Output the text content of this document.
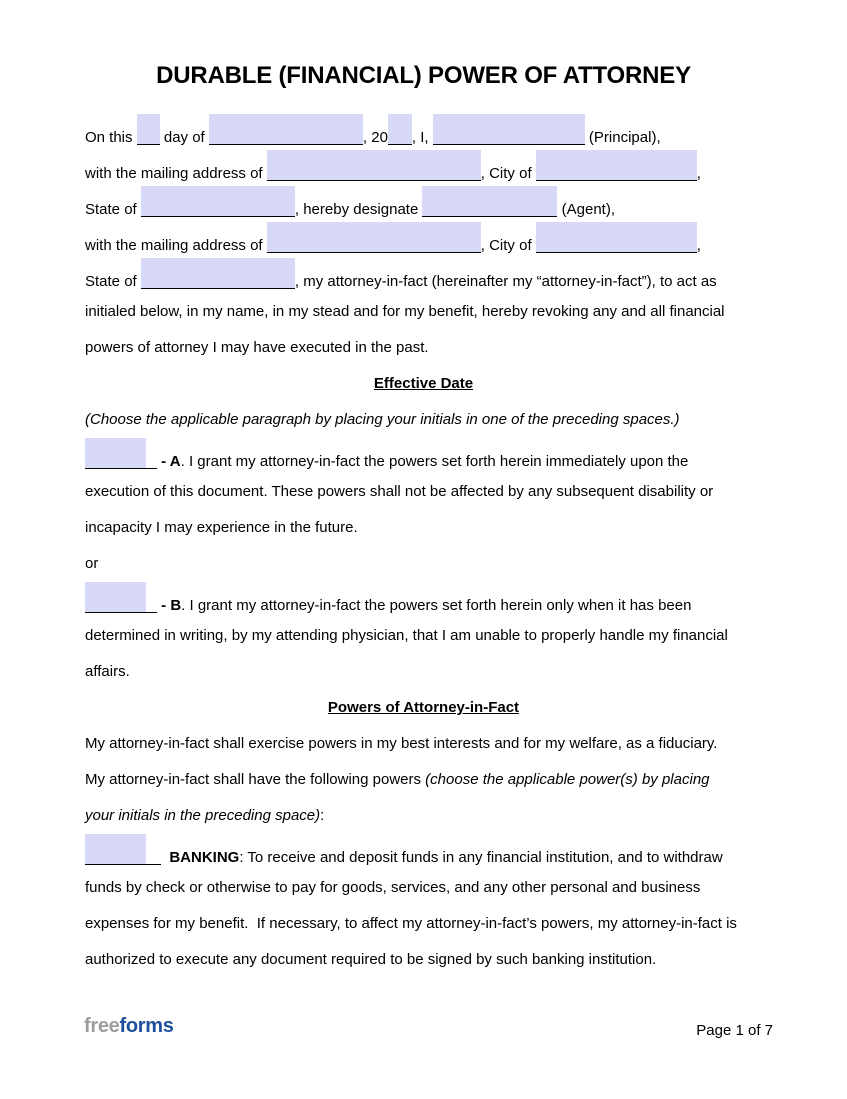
DURABLE (FINANCIAL) POWER OF ATTORNEY
On this  day of	, 20 , I,	(Principal),
with the mailing address of	, City of	,
State of	, hereby designate	(Agent),
with the mailing address of	, City of	,
State of	, my attorney-in-fact (hereinafter my “attorney-in-fact”), to act as
initialed below, in my name, in my stead and for my benefit, hereby revoking any and all financial
powers of attorney I may have executed in the past.
Effective Date
(Choose the applicable paragraph by placing your initials in one of the preceding spaces.)
- A. I grant my attorney-in-fact the powers set forth herein immediately upon the
execution of this document. These powers shall not be affected by any subsequent disability or
incapacity I may experience in the future.
or
- B. I grant my attorney-in-fact the powers set forth herein only when it has been
determined in writing, by my attending physician, that I am unable to properly handle my financial
affairs.
Powers of Attorney-in-Fact
My attorney-in-fact shall exercise powers in my best interests and for my welfare, as a fiduciary.
My attorney-in-fact shall have the following powers (choose the applicable power(s) by placing
your initials in the preceding space):
BANKING: To receive and deposit funds in any financial institution, and to withdraw
funds by check or otherwise to pay for goods, services, and any other personal and business
expenses for my benefit.  If necessary, to affect my attorney-in-fact’s powers, my attorney-in-fact is
authorized to execute any document required to be signed by such banking institution.
freeforms	Page 1 of 7
